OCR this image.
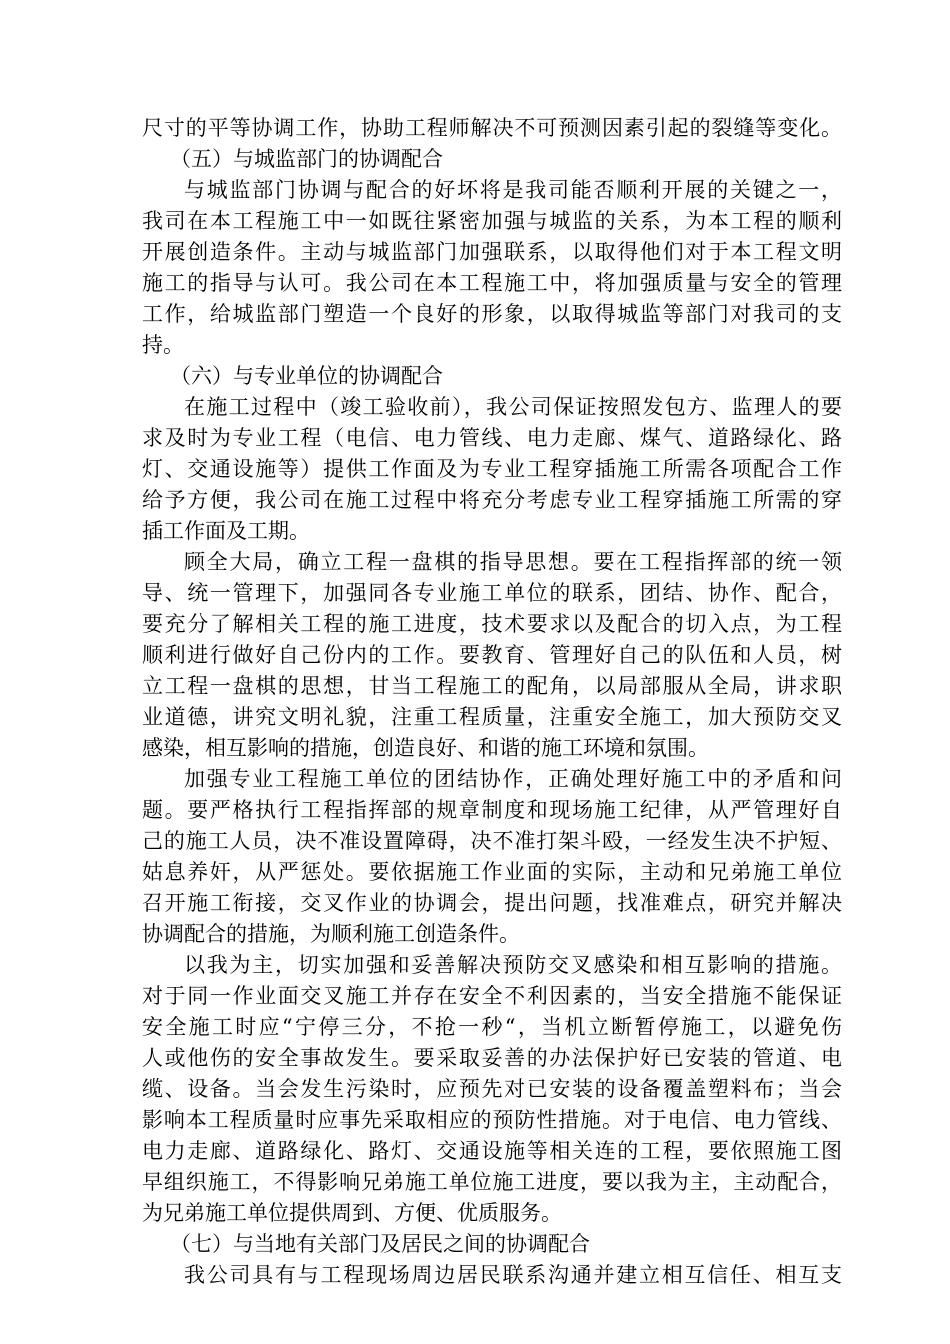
尺寸的平等协调工作，协助工程师解决不可预测因素引起的裂缝等变化。
（五）与城监部门的协调配合
与城监部门协调与配合的好坏将是我司能否顺利开展的关键之一，
我司在本工程施工中一如既往紧密加强与城监的关系，为本工程的顺利
开展创造条件。主动与城监部门加强联系，以取得他们对于本工程文明
施工的指导与认可。我公司在本工程施工中，将加强质量与安全的管理
工作，给城监部门塑造一个良好的形象，以取得城监等部门对我司的支
持。
（六）与专业单位的协调配合
在施工过程中（竣工验收前），我公司保证按照发包方、监理人的要
求及时为专业工程（电信、电力管线、电力走廊、煤气、道路绿化、路
灯、交通设施等）提供工作面及为专业工程穿插施工所需各项配合工作
给予方便，我公司在施工过程中将充分考虑专业工程穿插施工所需的穿
插工作面及工期。
顾全大局，确立工程一盘棋的指导思想。要在工程指挥部的统一领
导、统一管理下，加强同各专业施工单位的联系，团结、协作、配合，
要充分了解相关工程的施工进度，技术要求以及配合的切入点，为工程
顺利进行做好自己份内的工作。要教育、管理好自己的队伍和人员，树
立工程一盘棋的思想，甘当工程施工的配角，以局部服从全局，讲求职
业道德，讲究文明礼貌，注重工程质量，注重安全施工，加大预防交叉
感染，相互影响的措施，创造良好、和谐的施工环境和氛围。
加强专业工程施工单位的团结协作，正确处理好施工中的矛盾和问
题。要严格执行工程指挥部的规章制度和现场施工纪律，从严管理好自
己的施工人员，决不准设置障碍，决不准打架斗殴，一经发生决不护短、
姑息养奸，从严惩处。要依据施工作业面的实际，主动和兄弟施工单位
召开施工衔接，交叉作业的协调会，提出问题，找准难点，研究并解决
协调配合的措施，为顺利施工创造条件。
以我为主，切实加强和妥善解决预防交叉感染和相互影响的措施。
对于同一作业面交叉施工并存在安全不利因素的，当安全措施不能保证
安全施工时应“宁停三分，不抢一秒“，当机立断暂停施工，以避免伤
人或他伤的安全事故发生。要采取妥善的办法保护好已安装的管道、电
缆、设备。当会发生污染时，应预先对已安装的设备覆盖塑料布；当会
影响本工程质量时应事先采取相应的预防性措施。对于电信、电力管线、
电力走廊、道路绿化、路灯、交通设施等相关连的工程，要依照施工图
早组织施工，不得影响兄弟施工单位施工进度，要以我为主，主动配合，
为兄弟施工单位提供周到、方便、优质服务。
（七）与当地有关部门及居民之间的协调配合
我公司具有与工程现场周边居民联系沟通并建立相互信任、相互支
